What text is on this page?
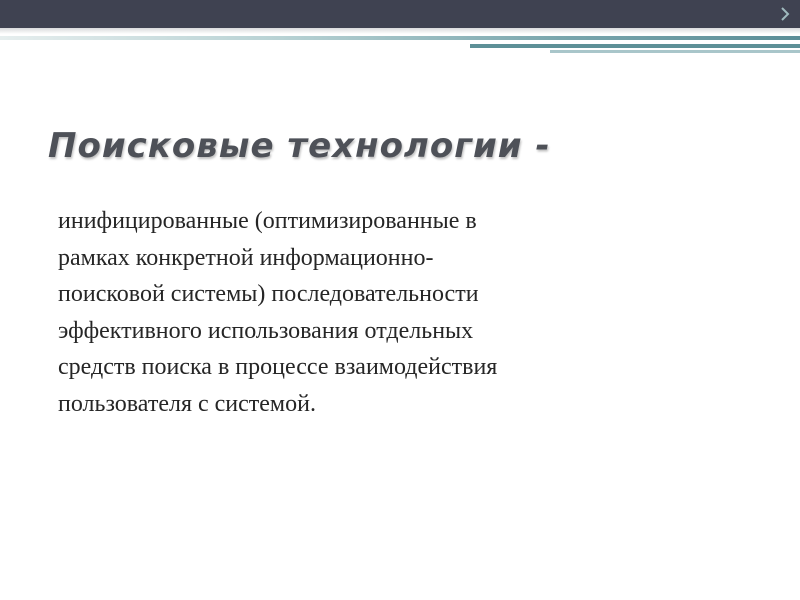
Поисковые технологии -

инифицированные (оптимизированные в
рамках конкретной информационно-
поисковой системы) последовательности
эффективного использования отдельных
средств поиска в процессе взаимодействия
пользователя с системой.
